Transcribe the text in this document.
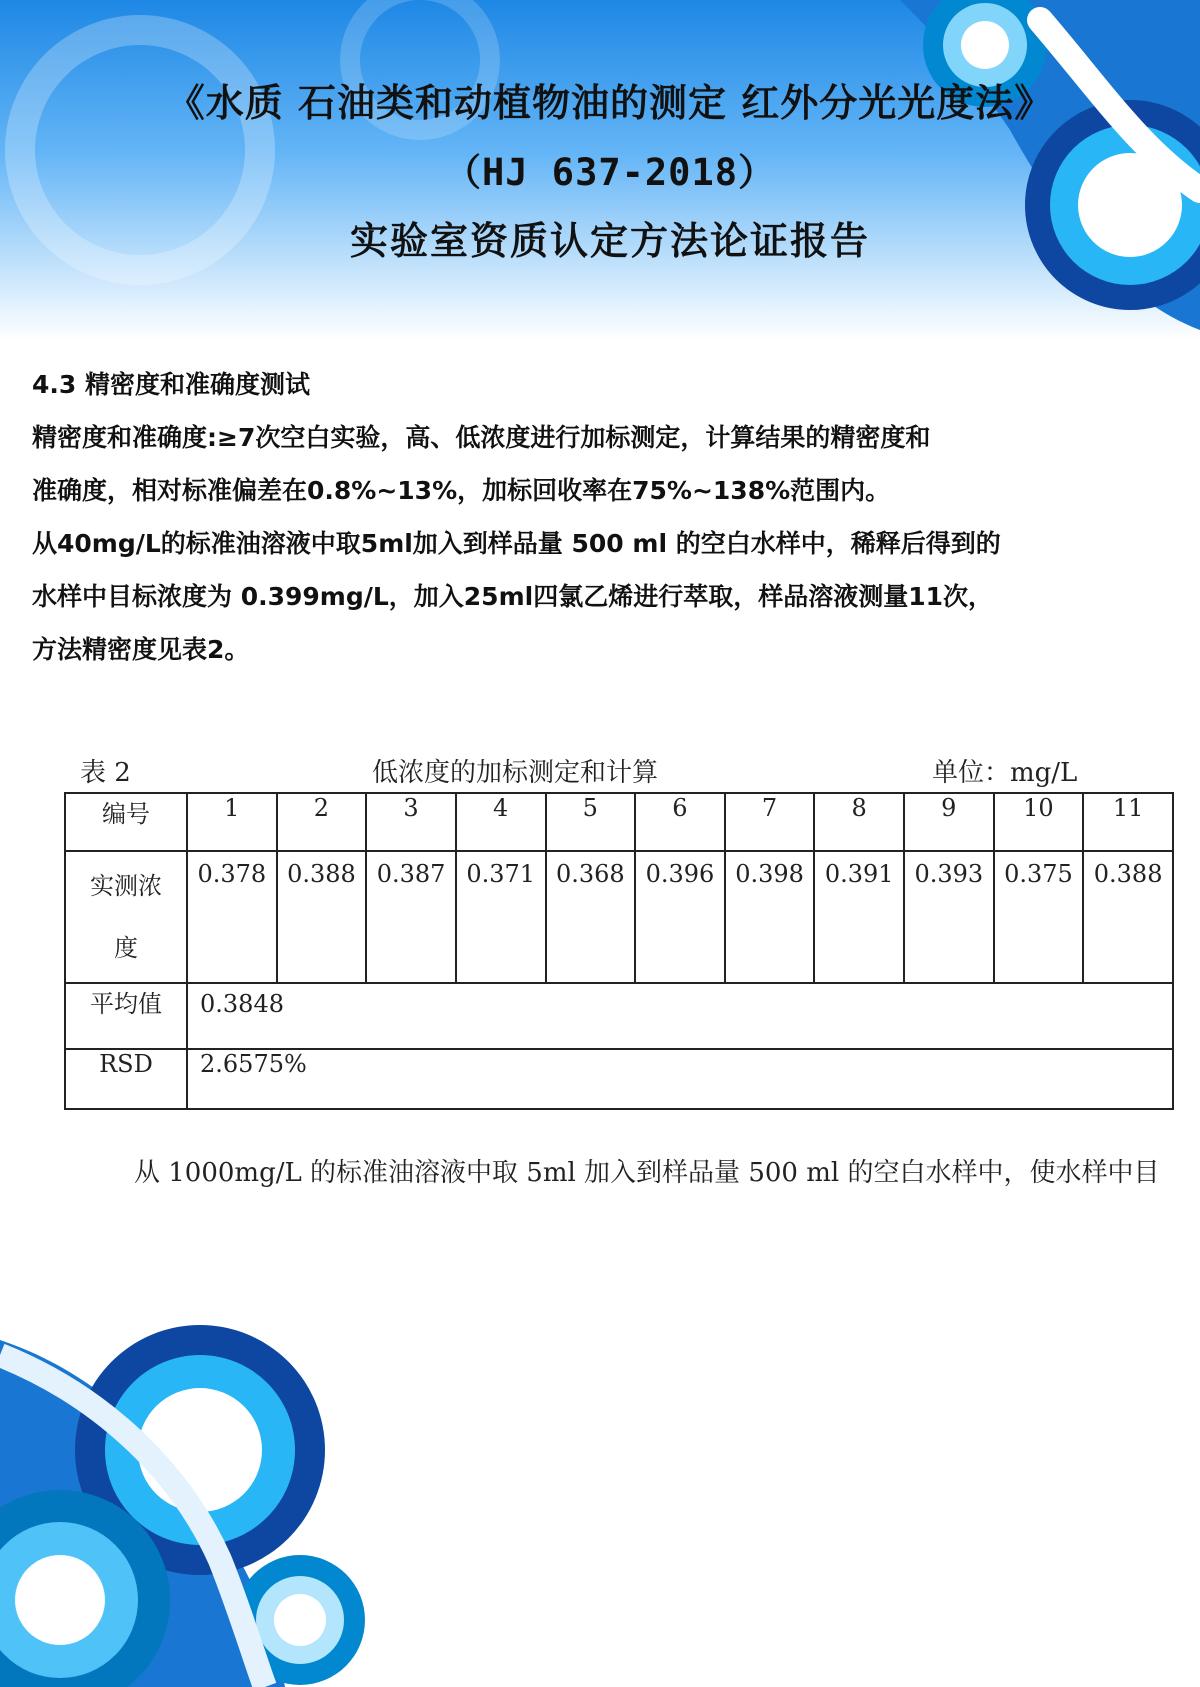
《水质 石油类和动植物油的测定 红外分光光度法》
（HJ 637-2018）
实验室资质认定方法论证报告

4.3 精密度和准确度测试

精密度和准确度:≥7次空白实验，高、低浓度进行加标测定，计算结果的精密度和

准确度，相对标准偏差在0.8%~13%，加标回收率在75%~138%范围内。

从40mg/L的标准油溶液中取5ml加入到样品量 500 ml 的空白水样中，稀释后得到的

水样中目标浓度为 0.399mg/L，加入25ml四氯乙烯进行萃取，样品溶液测量11次，

方法精密度见表2。

表 2	低浓度的加标测定和计算	单位：mg/L
编号	1	2	3	4	5	6	7	8	9	10	11
实测浓
度	0.378	0.388	0.387	0.371	0.368	0.396	0.398	0.391	0.393	0.375	0.388
平均值	0.3848										
RSD	2.6575%										
从 1000mg/L 的标准油溶液中取 5ml 加入到样品量 500 ml 的空白水样中，使水样中目
